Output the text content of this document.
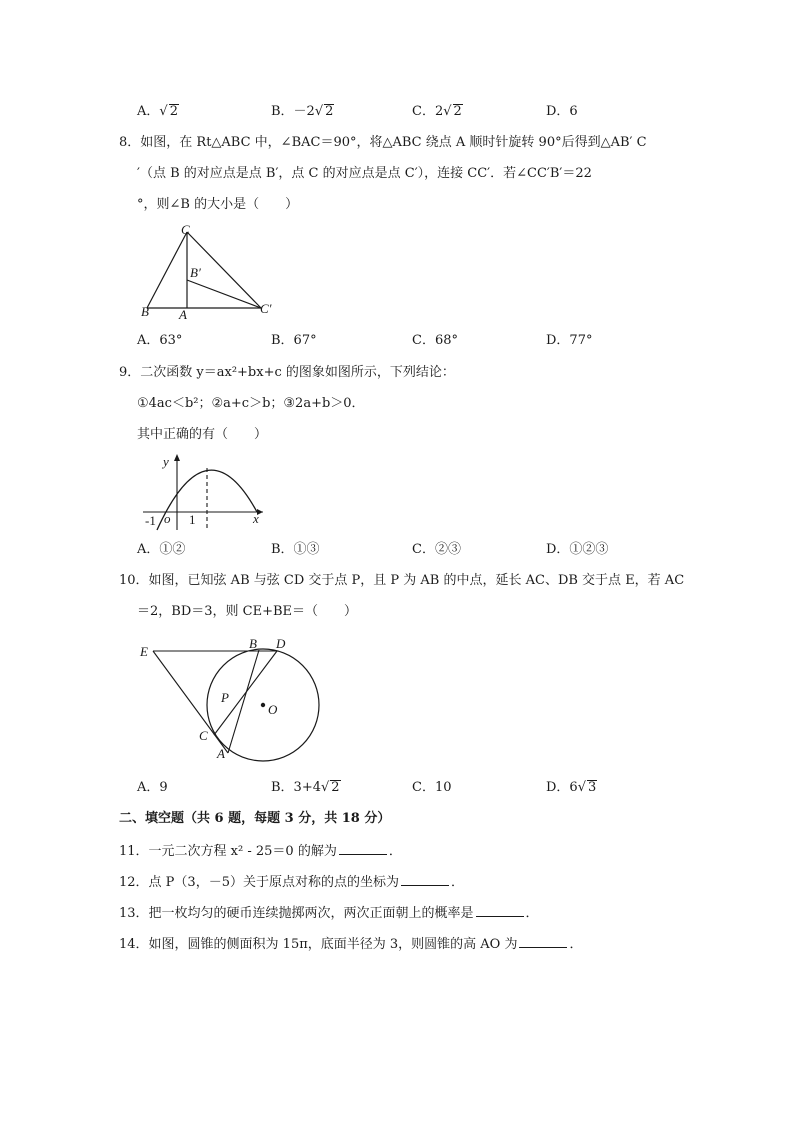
A．√ 2	B．－2√ 2	C．2√ 2	D．6
8．如图，在 Rt△ABC 中，∠BAC＝90°，将△ABC 绕点 A 顺时针旋转 90°后得到△AB′ C
′（点 B 的对应点是点 B′，点 C 的对应点是点 C′），连接 CC′．若∠CC′B′＝22
°，则∠B 的大小是（　　）
C
B′
B A	C′
A．63°	B．67°	C．68°	D．77°
9．二次函数 y＝ax²+bx+c 的图象如图所示，下列结论：
①4ac＜b²；②a+c＞b；③2a+b＞0．
其中正确的有（　　）
y
x
-1 o 1
A．①②	B．①③	C．②③	D．①②③
10．如图，已知弦 AB 与弦 CD 交于点 P，且 P 为 AB 的中点，延长 AC、DB 交于点 E，若 AC
＝2，BD＝3，则 CE+BE＝（　　）
E
B D
P
O
C
A
A．9	B．3+4√ 2	C．10	D．6√ 3
二、填空题（共 6 题，每题 3 分，共 18 分）
11．一元二次方程 x² - 25＝0 的解为	．
12．点 P（3，－5）关于原点对称的点的坐标为	．
13．把一枚均匀的硬币连续抛掷两次，两次正面朝上的概率是	．
14．如图，圆锥的侧面积为 15π，底面半径为 3，则圆锥的高 AO 为	．
